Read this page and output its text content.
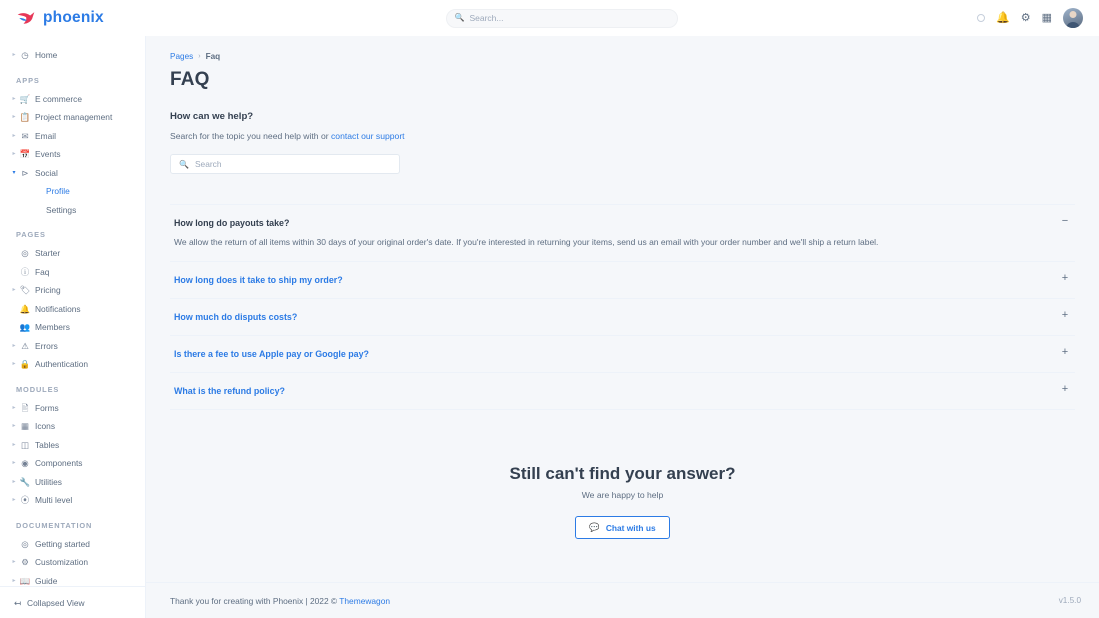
phoenix	🔍 Search...	🔔 ⚙ ▦
▸ ◷ Home
APPS
▸ 🛒 E commerce
▸ 📋 Project management
▸ ✉ Email
▸ 📅 Events
▾ ⊳ Social
Profile
Settings
PAGES
◎ Starter
ⓘ Faq
▸ 🏷 Pricing
🔔 Notifications
👥 Members
▸ ⚠ Errors
▸ 🔒 Authentication
MODULES
▸ 🖹 Forms
▸ ▦ Icons
▸ ◫ Tables
▸ ◉ Components
▸ 🔧 Utilities
▸ ⦿ Multi level
DOCUMENTATION
◎ Getting started
▸ ⚙ Customization
▸ 📖 Guide
↤ Collapsed View
Pages › Faq
FAQ
How can we help?
Search for the topic you need help with or contact our support
🔍 Search
How long do payouts take?
We allow the return of all items within 30 days of your original order's date. If you're interested in returning your items, send us an email with your order number and we'll ship a return label.
−
How long does it take to ship my order?	+
How much do disputs costs?	+
Is there a fee to use Apple pay or Google pay?	+
What is the refund policy?	+
Still can't find your answer?
We are happy to help
💬 Chat with us
Thank you for creating with Phoenix | 2022 © Themewagon	v1.5.0
